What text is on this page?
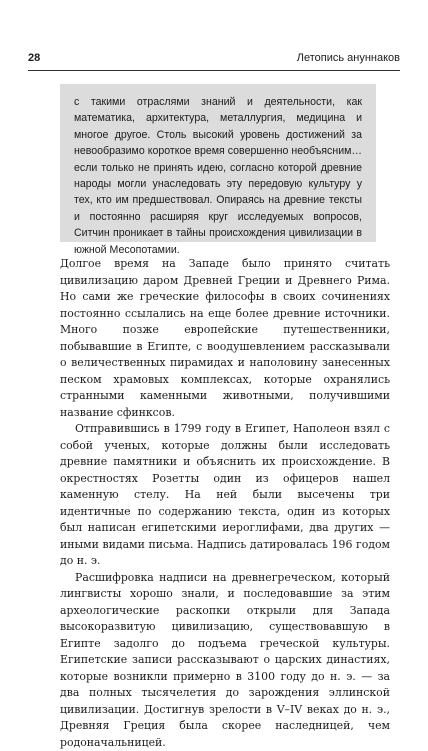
28	Летопись ануннаков

с такими отраслями знаний и деятельности, как математика, архитектура, металлургия, медицина и многое другое. Столь высокий уровень достижений за невообразимо короткое время совершенно необъясним… если только не принять идею, согласно которой древние народы могли унаследовать эту передовую культуру у тех, кто им предшествовал. Опираясь на древние тексты и постоянно расширяя круг исследуемых вопросов, Ситчин проникает в тайны происхождения цивилизации в южной Месопотамии.

Долгое время на Западе было принято считать цивилизацию даром Древней Греции и Древнего Рима. Но сами же греческие философы в своих сочинениях постоянно ссылались на еще более древние источники. Много позже европейские путешественники, побывавшие в Египте, с воодушевлением рассказывали о величественных пирамидах и наполовину занесенных песком храмовых комплексах, которые охранялись странными каменными животными, получившими название сфинксов.

Отправившись в 1799 году в Египет, Наполеон взял с собой ученых, которые должны были исследовать древние памятники и объяснить их происхождение. В окрестностях Розетты один из офицеров нашел каменную стелу. На ней были высечены три идентичные по содержанию текста, один из которых был написан египетскими иероглифами, два других — иными видами письма. Надпись датировалась 196 годом до н. э.

Расшифровка надписи на древнегреческом, который лингвисты хорошо знали, и последовавшие за этим археологические раскопки открыли для Запада высокоразвитую цивилизацию, существовавшую в Египте задолго до подъема греческой культуры. Египетские записи рассказывают о царских династиях, которые возникли примерно в 3100 году до н. э. — за два полных тысячелетия до зарождения эллинской цивилизации. Достигнув зрелости в V–IV веках до н. э., Древняя Греция была скорее наследницей, чем родоначальницей.
